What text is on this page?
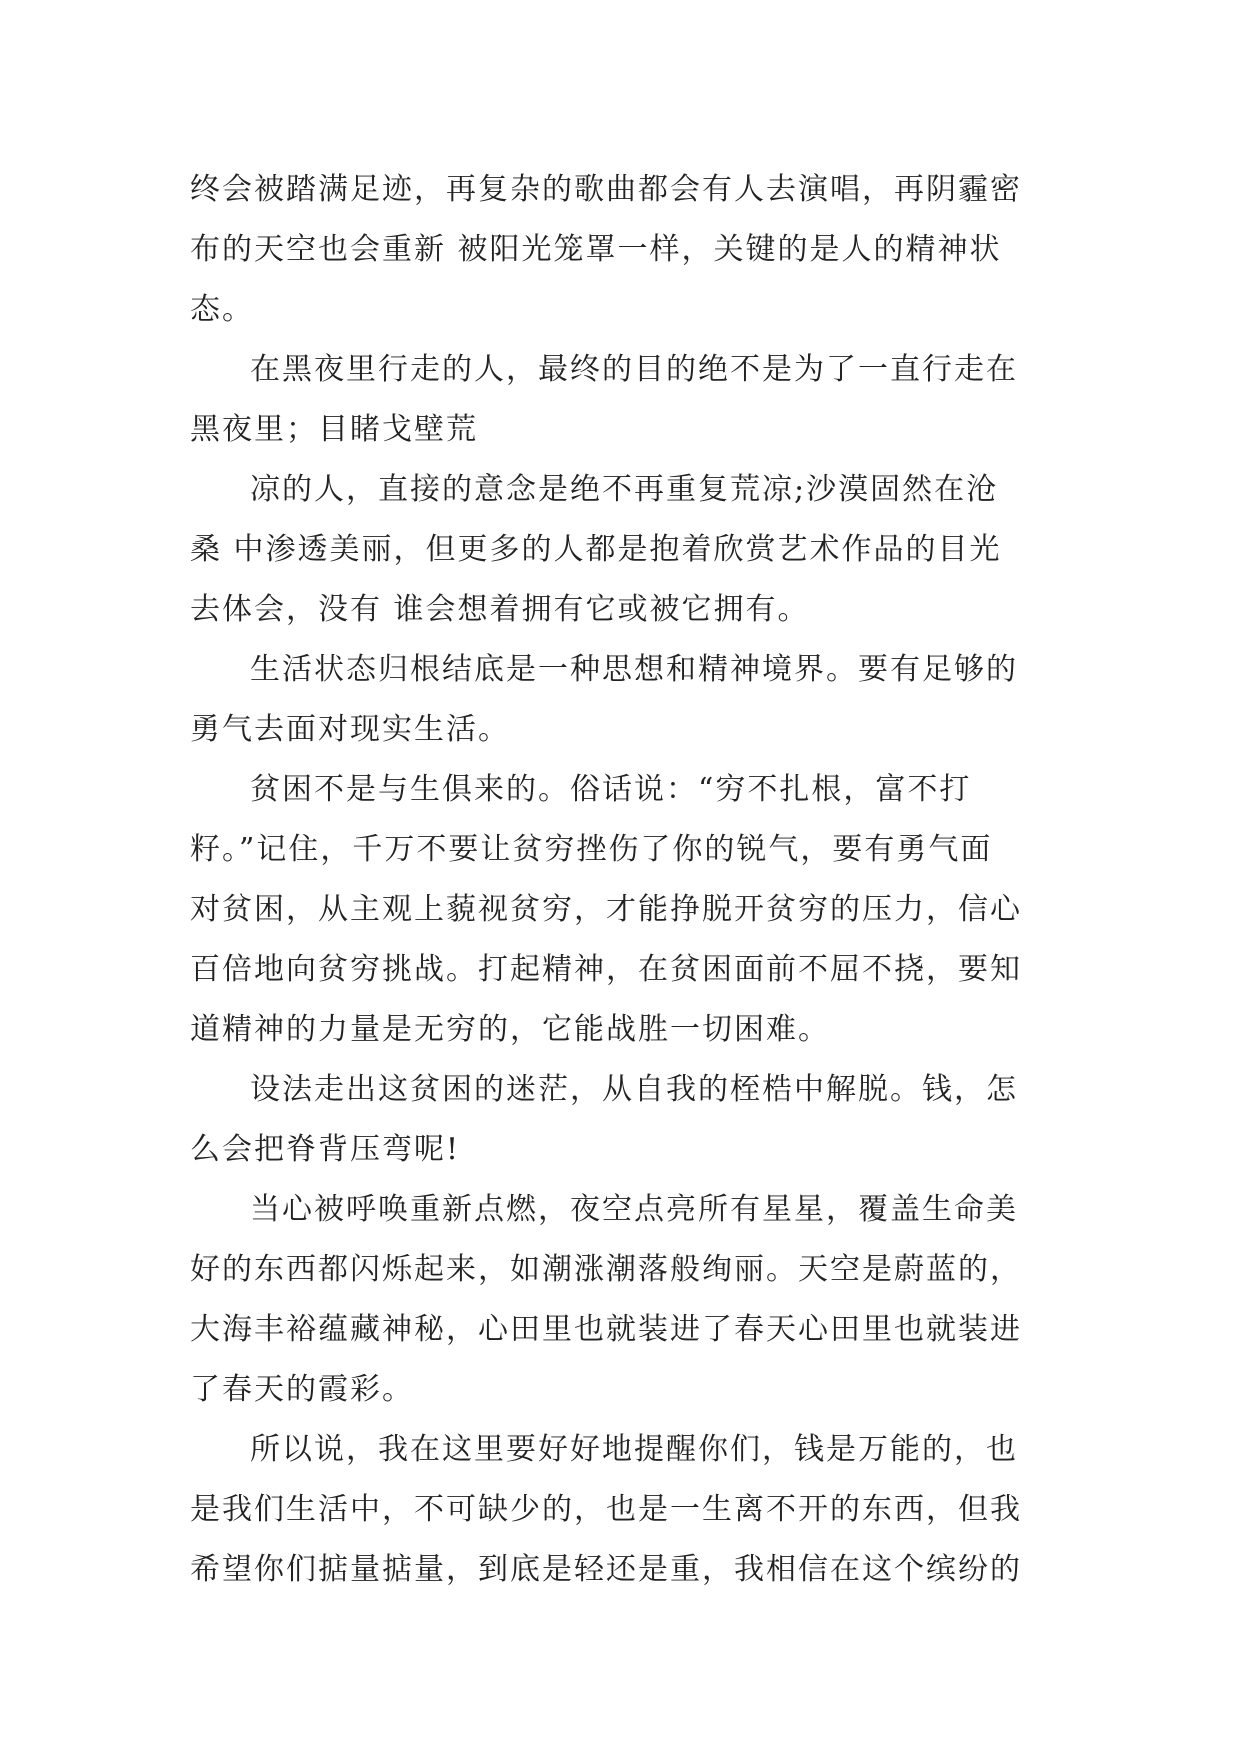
终会被踏满足迹，再复杂的歌曲都会有人去演唱，再阴霾密
布的天空也会重新 被阳光笼罩一样，关键的是人的精神状
态。
在黑夜里行走的人，最终的目的绝不是为了一直行走在
黑夜里；目睹戈壁荒
凉的人，直接的意念是绝不再重复荒凉;沙漠固然在沧
桑 中渗透美丽，但更多的人都是抱着欣赏艺术作品的目光
去体会，没有 谁会想着拥有它或被它拥有。
生活状态归根结底是一种思想和精神境界。要有足够的
勇气去面对现实生活。
贫困不是与生俱来的。俗话说：“穷不扎根，富不打
籽。”记住，千万不要让贫穷挫伤了你的锐气，要有勇气面
对贫困，从主观上藐视贫穷，才能挣脱开贫穷的压力，信心
百倍地向贫穷挑战。打起精神，在贫困面前不屈不挠，要知
道精神的力量是无穷的，它能战胜一切困难。
设法走出这贫困的迷茫，从自我的桎梏中解脱。钱，怎
么会把脊背压弯呢!
当心被呼唤重新点燃，夜空点亮所有星星，覆盖生命美
好的东西都闪烁起来，如潮涨潮落般绚丽。天空是蔚蓝的，
大海丰裕蕴藏神秘，心田里也就装进了春天心田里也就装进
了春天的霞彩。
所以说，我在这里要好好地提醒你们，钱是万能的，也
是我们生活中，不可缺少的，也是一生离不开的东西，但我
希望你们掂量掂量，到底是轻还是重，我相信在这个缤纷的
